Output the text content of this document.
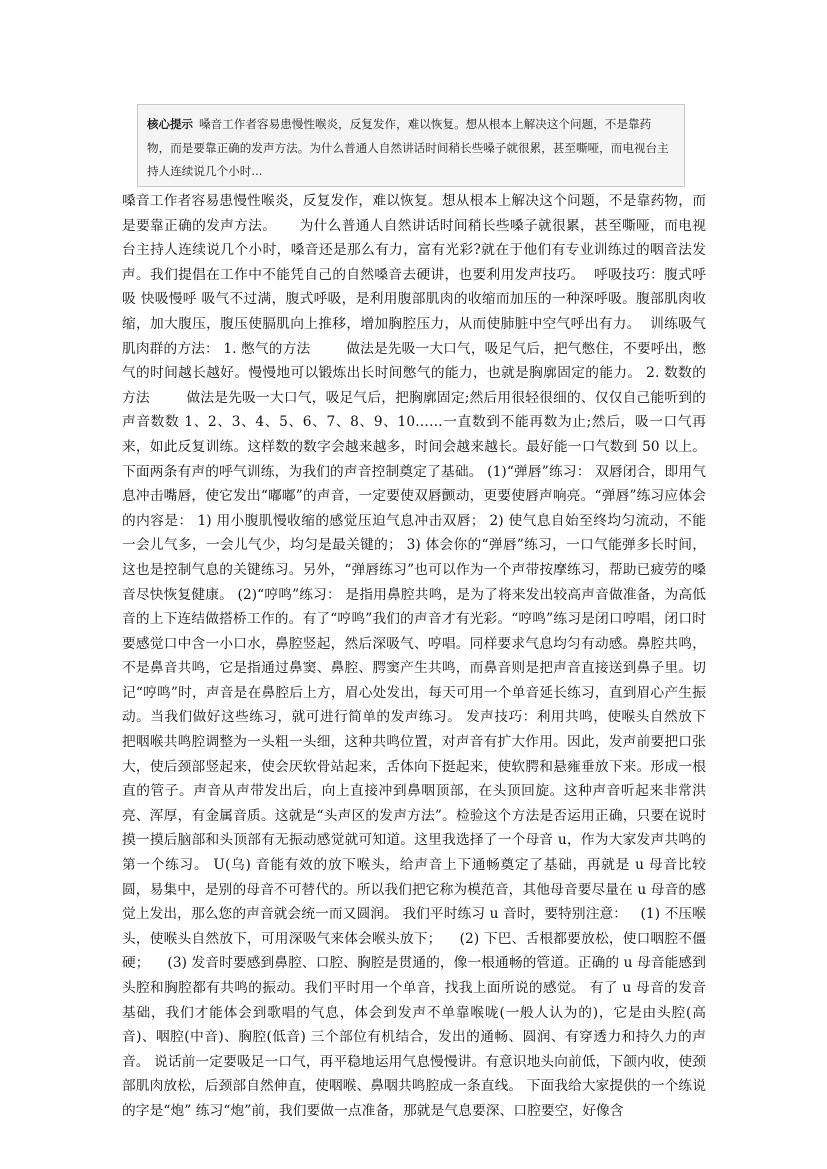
核心提示 嗓音工作者容易患慢性喉炎，反复发作，难以恢复。想从根本上解决这个问题，不是靠药物，而是要靠正确的发声方法。为什么普通人自然讲话时间稍长些嗓子就很累，甚至嘶哑，而电视台主持人连续说几个小时...
嗓音工作者容易患慢性喉炎，反复发作，难以恢复。想从根本上解决这个问题，不是靠药物，而是要靠正确的发声方法。     为什么普通人自然讲话时间稍长些嗓子就很累，甚至嘶哑，而电视台主持人连续说几个小时，嗓音还是那么有力，富有光彩?就在于他们有专业训练过的咽音法发声。我们提倡在工作中不能凭自己的自然嗓音去硬讲，也要利用发声技巧。  呼吸技巧：腹式呼吸 快吸慢呼 吸气不过满，腹式呼吸，是利用腹部肌肉的收缩而加压的一种深呼吸。腹部肌肉收缩，加大腹压，腹压使膈肌向上推移，增加胸腔压力，从而使肺脏中空气呼出有力。  训练吸气肌肉群的方法： 1. 憋气的方法        做法是先吸一大口气，吸足气后，把气憋住，不要呼出，憋气的时间越长越好。慢慢地可以锻炼出长时间憋气的能力，也就是胸廓固定的能力。 2. 数数的方法        做法是先吸一大口气，吸足气后，把胸廓固定;然后用很轻很细的、仅仅自己能听到的声音数数 1、2、3、4、5、6、7、8、9、10……一直数到不能再数为止;然后，吸一口气再来，如此反复训练。这样数的数字会越来越多，时间会越来越长。最好能一口气数到 50 以上。 下面两条有声的呼气训练，为我们的声音控制奠定了基础。 (1)“弹唇”练习： 双唇闭合，即用气息冲击嘴唇，使它发出“嘟嘟”的声音，一定要使双唇颤动，更要使唇声响亮。“弹唇”练习应体会的内容是： 1) 用小腹肌慢收缩的感觉压迫气息冲击双唇； 2) 使气息自始至终均匀流动，不能一会儿气多，一会儿气少，均匀是最关键的； 3) 体会你的“弹唇”练习，一口气能弹多长时间，这也是控制气息的关键练习。另外，“弹唇练习”也可以作为一个声带按摩练习，帮助已疲劳的嗓音尽快恢复健康。 (2)“哼鸣”练习： 是指用鼻腔共鸣，是为了将来发出较高声音做准备，为高低音的上下连结做搭桥工作的。有了“哼鸣”我们的声音才有光彩。“哼鸣”练习是闭口哼唱，闭口时要感觉口中含一小口水，鼻腔竖起，然后深吸气、哼唱。同样要求气息均匀有动感。鼻腔共鸣，不是鼻音共鸣，它是指通过鼻窦、鼻腔、腭窦产生共鸣，而鼻音则是把声音直接送到鼻子里。切记“哼鸣”时，声音是在鼻腔后上方，眉心处发出，每天可用一个单音延长练习，直到眉心产生振动。当我们做好这些练习，就可进行简单的发声练习。 发声技巧：利用共鸣，使喉头自然放下 把咽喉共鸣腔调整为一头粗一头细，这种共鸣位置，对声音有扩大作用。因此，发声前要把口张大，使后颈部竖起来，使会厌软骨站起来，舌体向下挺起来，使软腭和悬雍垂放下来。形成一根直的管子。声音从声带发出后，向上直接冲到鼻咽顶部，在头顶回旋。这种声音听起来非常洪亮、浑厚，有金属音质。这就是“头声区的发声方法”。检验这个方法是否运用正确，只要在说时摸一摸后脑部和头顶部有无振动感觉就可知道。这里我选择了一个母音 u，作为大家发声共鸣的第一个练习。 U(乌) 音能有效的放下喉头，给声音上下通畅奠定了基础，再就是 u 母音比较圆，易集中，是别的母音不可替代的。所以我们把它称为模范音，其他母音要尽量在 u 母音的感觉上发出，那么您的声音就会统一而又圆润。 我们平时练习 u 音时，要特别注意：   (1) 不压喉头，使喉头自然放下，可用深吸气来体会喉头放下；    (2) 下巴、舌根都要放松，使口咽腔不僵硬；    (3) 发音时要感到鼻腔、口腔、胸腔是贯通的，像一根通畅的管道。正确的 u 母音能感到头腔和胸腔都有共鸣的振动。我们平时用一个单音，找我上面所说的感觉。 有了 u 母音的发音基础，我们才能体会到歌唱的气息，体会到发声不单靠喉咙(一般人认为的)，它是由头腔(高音)、咽腔(中音)、胸腔(低音) 三个部位有机结合，发出的通畅、圆润、有穿透力和持久力的声音。 说话前一定要吸足一口气，再平稳地运用气息慢慢讲。有意识地头向前低，下颌内收，使颈部肌肉放松，后颈部自然伸直，使咽喉、鼻咽共鸣腔成一条直线。 下面我给大家提供的一个练说的字是“炮” 练习“炮”前，我们要做一点准备，那就是气息要深、口腔要空，好像含
